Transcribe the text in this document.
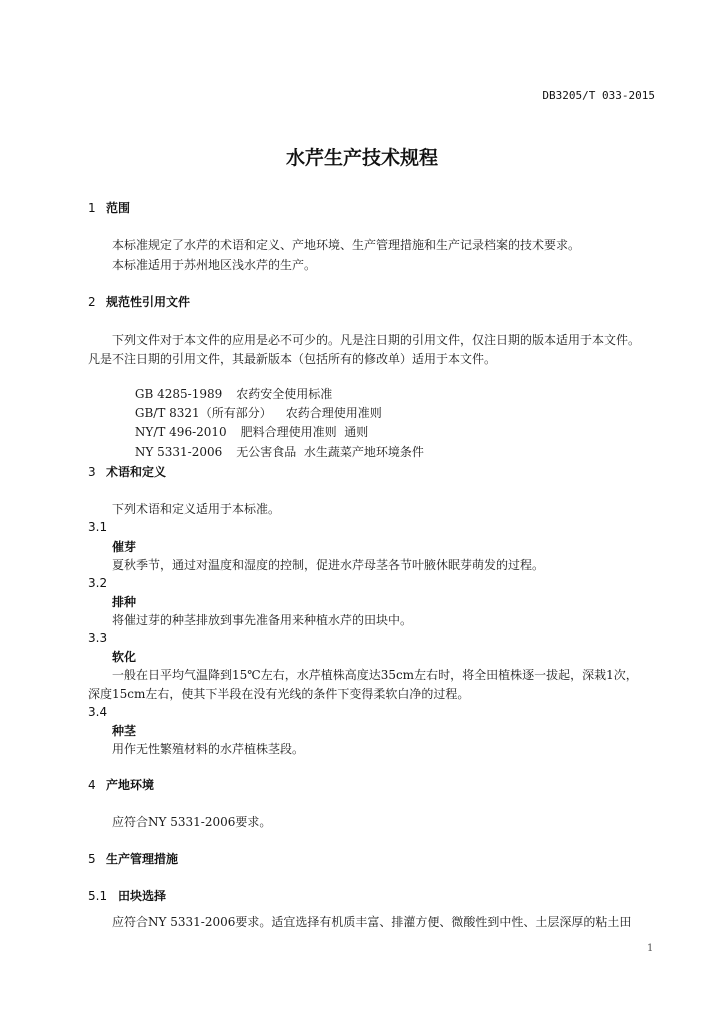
DB3205/T 033-2015
水芹生产技术规程
1 范围
本标准规定了水芹的术语和定义、产地环境、生产管理措施和生产记录档案的技术要求。
本标准适用于苏州地区浅水芹的生产。
2 规范性引用文件
下列文件对于本文件的应用是必不可少的。凡是注日期的引用文件，仅注日期的版本适用于本文件。
凡是不注日期的引用文件，其最新版本（包括所有的修改单）适用于本文件。

GB 4285-1989 农药安全使用标准

GB/T 8321（所有部分） 农药合理使用准则

NY/T 496-2010 肥料合理使用准则  通则

NY 5331-2006 无公害食品  水生蔬菜产地环境条件

3 术语和定义
下列术语和定义适用于本标准。
3.1
催芽
夏秋季节，通过对温度和湿度的控制，促进水芹母茎各节叶腋休眠芽萌发的过程。
3.2
排种
将催过芽的种茎排放到事先准备用来种植水芹的田块中。
3.3
软化
一般在日平均气温降到15℃左右，水芹植株高度达35cm左右时，将全田植株逐一拔起，深栽1次，
深度15cm左右，使其下半段在没有光线的条件下变得柔软白净的过程。
3.4
种茎
用作无性繁殖材料的水芹植株茎段。
4 产地环境
应符合NY 5331-2006要求。
5 生产管理措施
5.1 田块选择
应符合NY 5331-2006要求。适宜选择有机质丰富、排灌方便、微酸性到中性、土层深厚的粘土田
1
